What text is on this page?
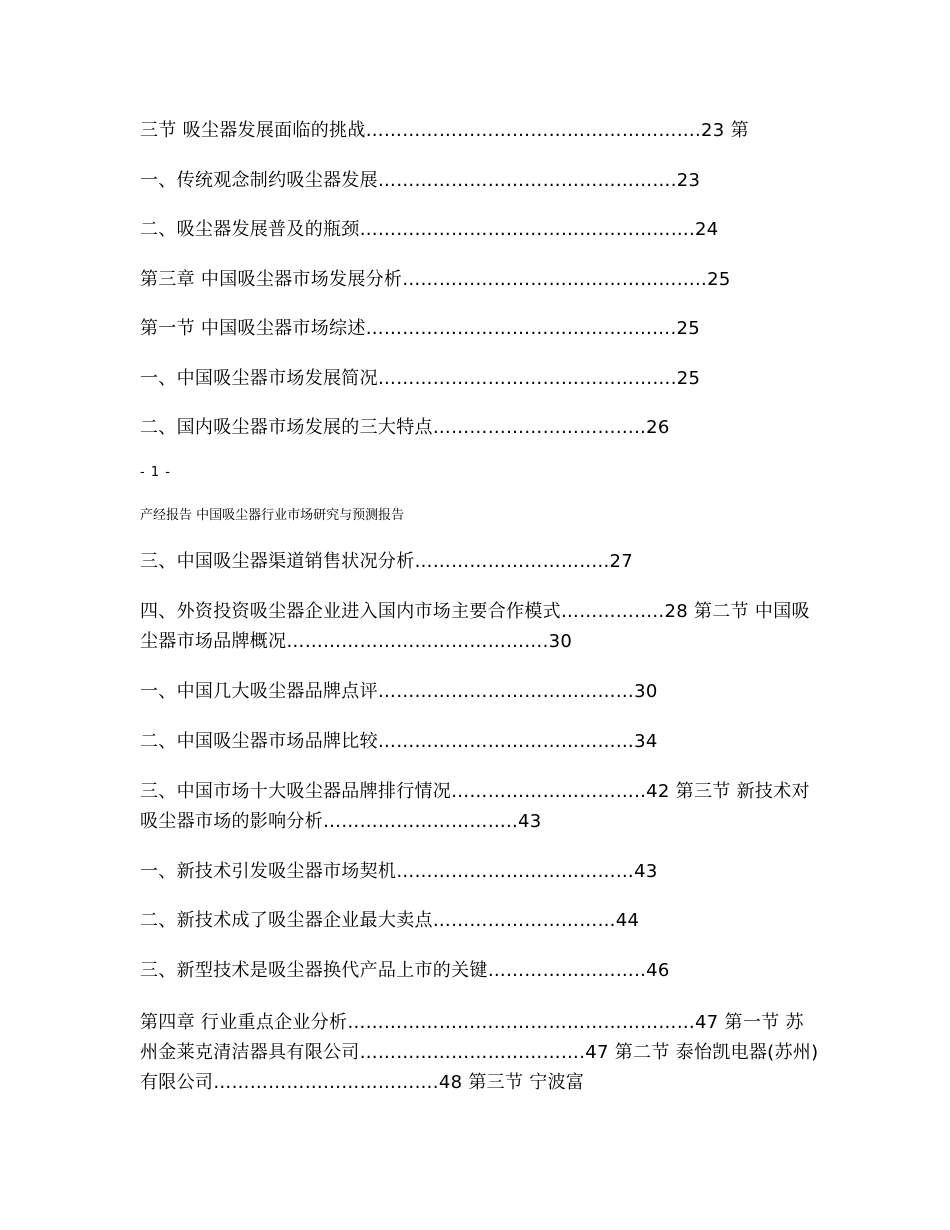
三节 吸尘器发展面临的挑战……………………………………………….23 第
一、传统观念制约吸尘器发展………………………………………….23
二、吸尘器发展普及的瓶颈……………………………………………….24
第三章 中国吸尘器市场发展分析…………………………………………..25
第一节 中国吸尘器市场综述……………………………………..…….25
一、中国吸尘器市场发展简况………………………………………….25
二、国内吸尘器市场发展的三大特点……………………………..26
- 1 -
产经报告 中国吸尘器行业市场研究与预测报告
三、中国吸尘器渠道销售状况分析…………………………..27
四、外资投资吸尘器企业进入国内市场主要合作模式……………..28 第二节 中国吸尘器市场品牌概况…………………………………….30
一、中国几大吸尘器品牌点评……………………………………30
二、中国吸尘器市场品牌比较……………………………………34
三、中国市场十大吸尘器品牌排行情况…………………………..42 第三节 新技术对吸尘器市场的影响分析…………………………..43
一、新技术引发吸尘器市场契机…………………………………43
二、新技术成了吸尘器企业最大卖点…………………………44
三、新型技术是吸尘器换代产品上市的关键……………………..46
第四章 行业重点企业分析…………………………………………………47 第一节 苏州金莱克清洁器具有限公司……………………………….47 第二节 泰怡凯电器(苏州)有限公司……………………………….48 第三节 宁波富
